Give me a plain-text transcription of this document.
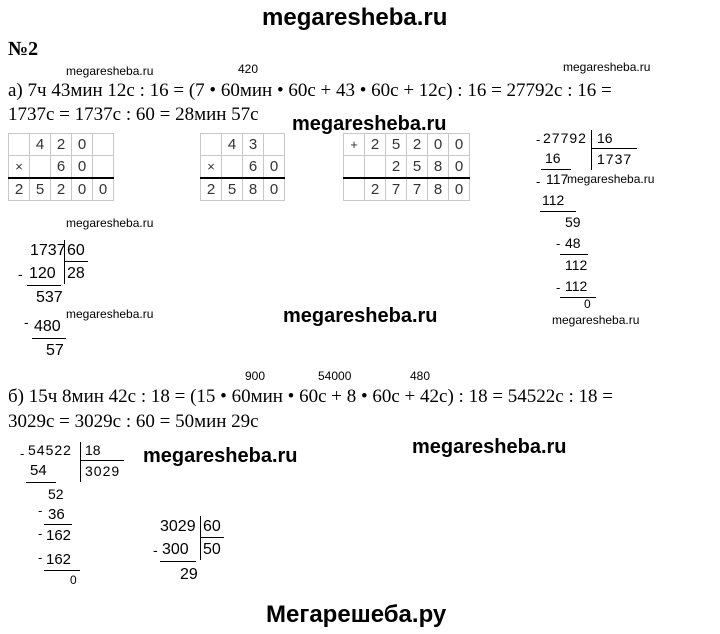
megaresheba.ru
megaresheba.ru	megaresheba.ru
megaresheba.ru
megaresheba.ru
megaresheba.ru
megaresheba.ru
megaresheba.ru	megaresheba.ru
megaresheba.ru
megaresheba.ru
Мегарешеба.ру
№2
420
а) 7ч 43мин 12с : 16 = (7 • 60мин • 60с + 43 • 60с + 12с) : 16 = 27792с : 16 =
1737с = 1737с : 60 = 28мин 57с
	4	2	0	
×		6	0	
2	5	2	0	0
	4	3	
×		6	0
2	5	8	0
+	2	5	2	0	0
		2	5	8	0
	2	7	7	8	0
- 27792 16
1737
16
- 117
112
59
- 48
112
- 112
0
1737 60
28
- 120
537
- 480
57
900	54000	480
б) 15ч 8мин 42с : 18 = (15 • 60мин • 60с + 8 • 60с + 42с) : 18 = 54522с : 18 =
3029с = 3029с : 60 = 50мин 29с
- 54522 18
3029
54
52
- 36
- 162
- 162
0
3029 60
50
- 300
29
